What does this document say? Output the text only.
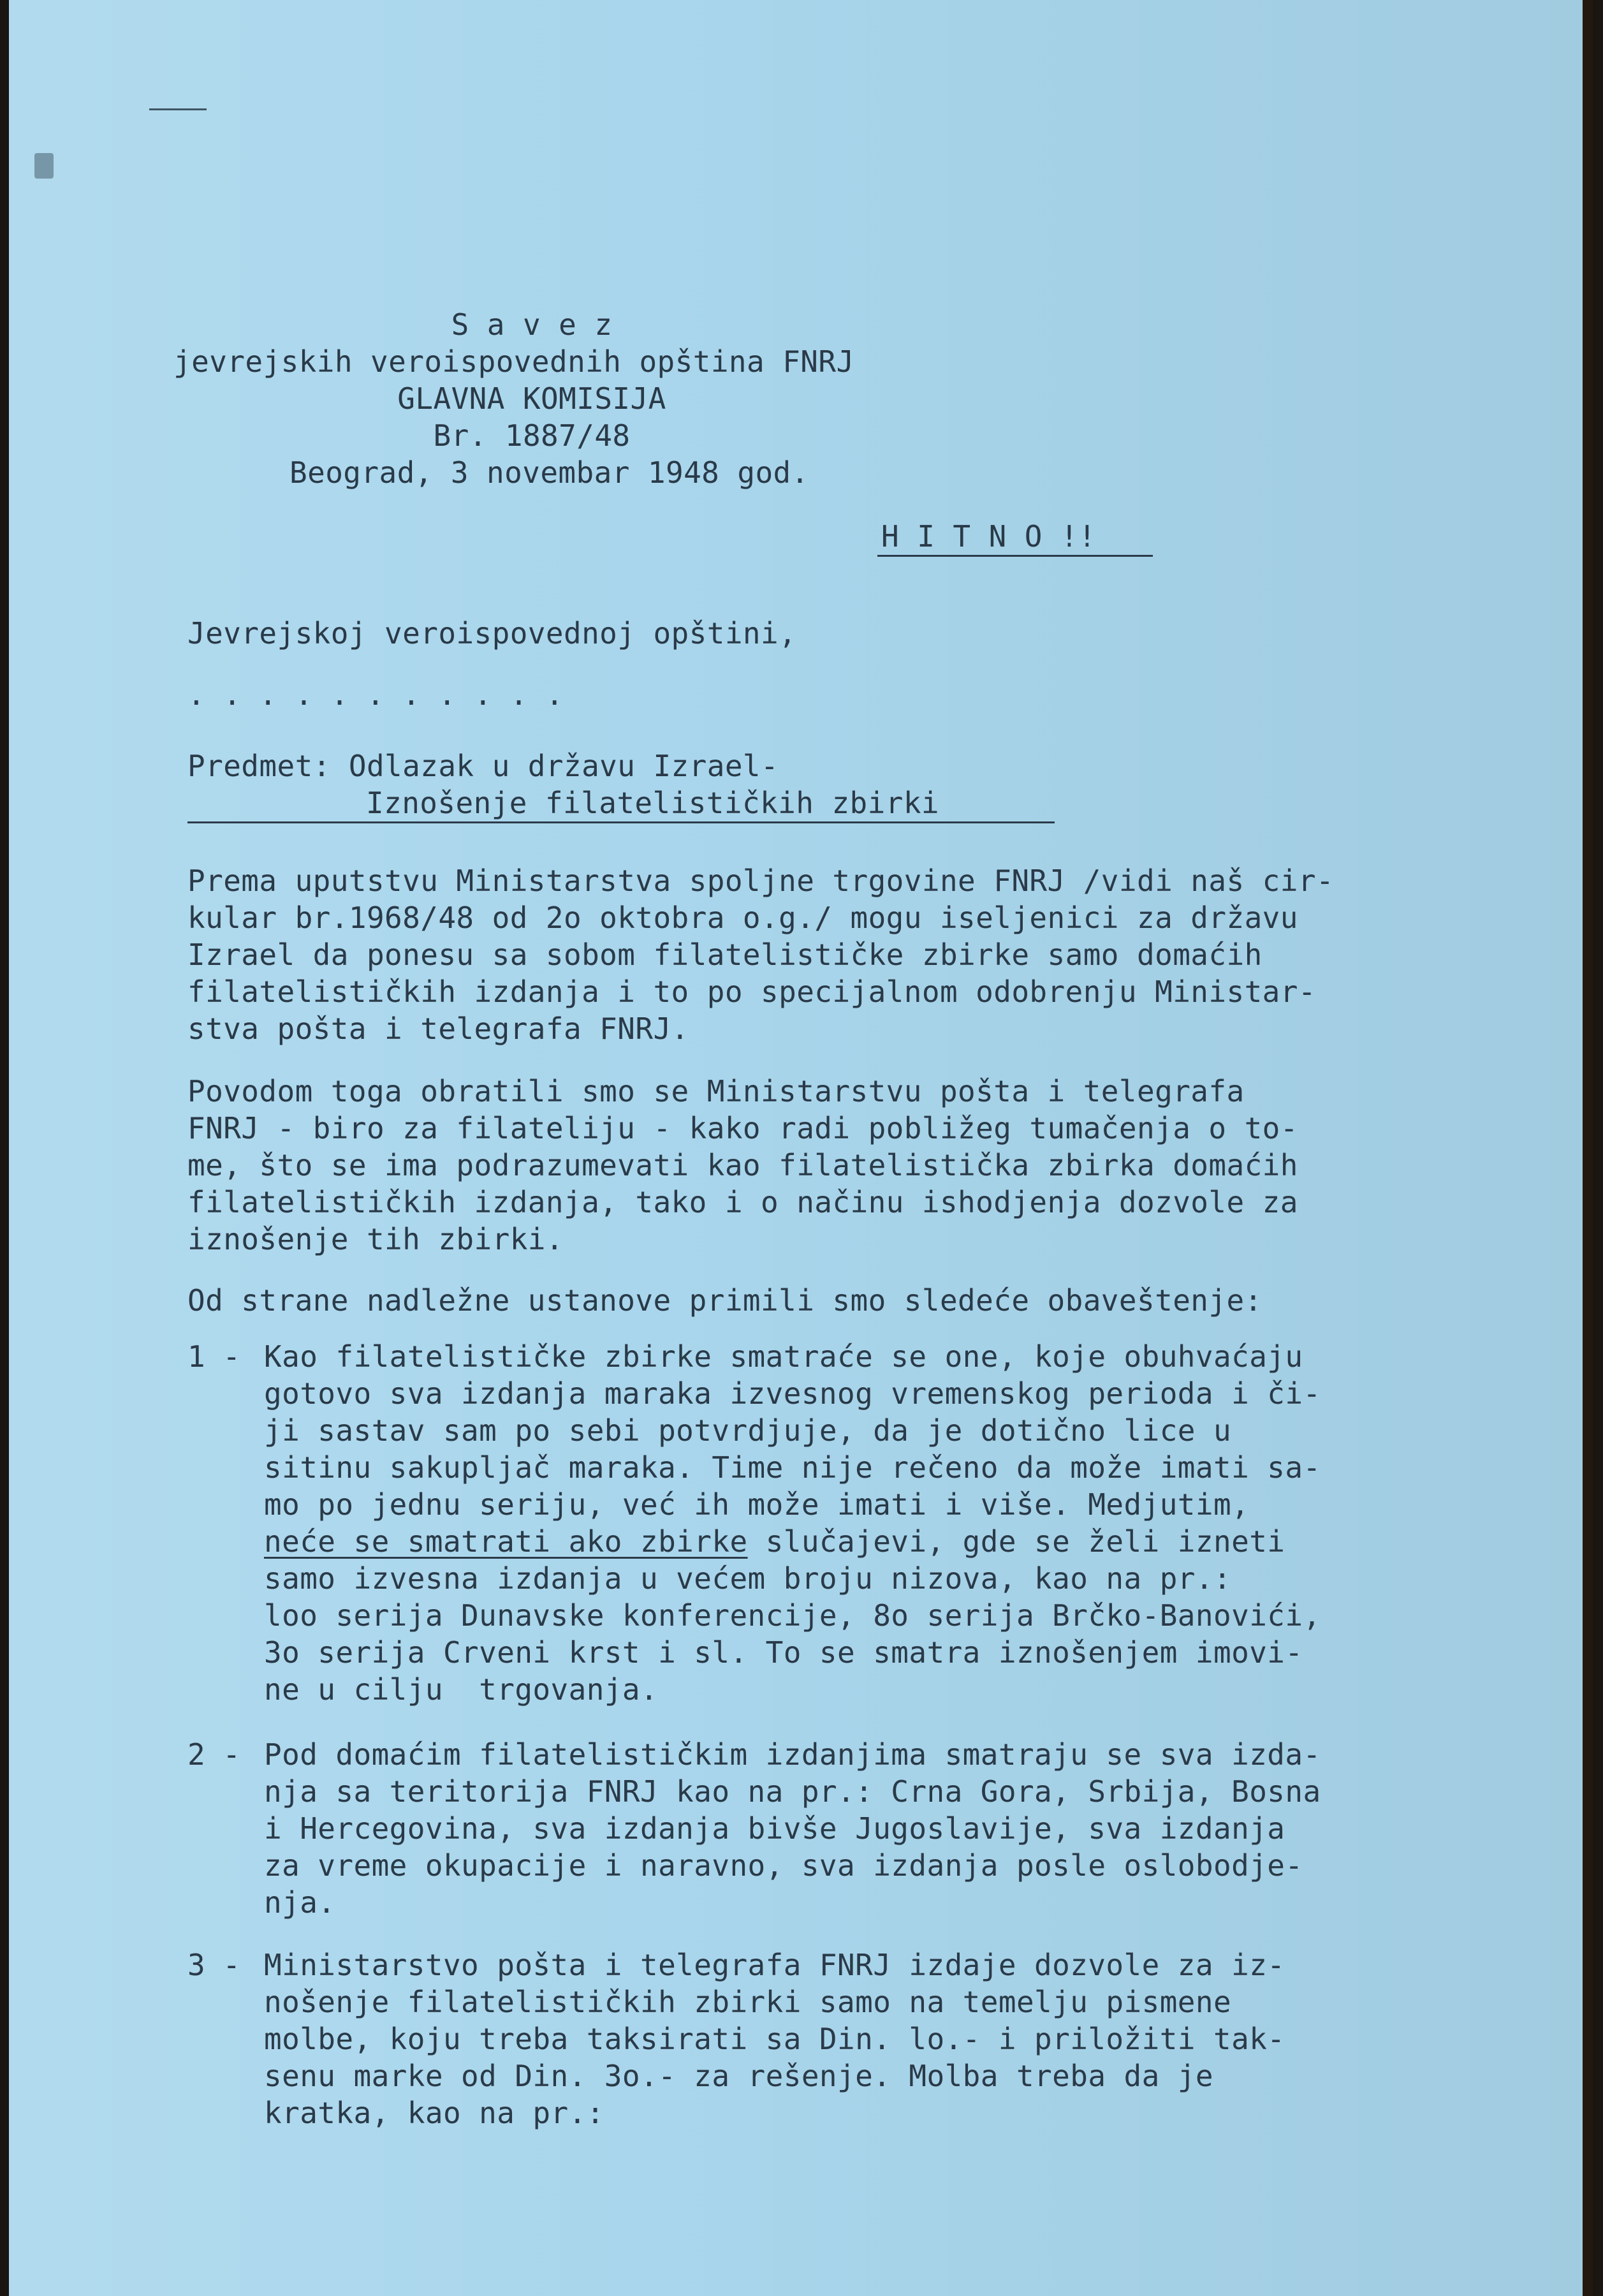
S a v e z
jevrejskih veroispovednih opština FNRJ
GLAVNA KOMISIJA
Br. 1887/48
Beograd, 3 novembar 1948 god.
H I T N O !!
Jevrejskoj veroispovednoj opštini,
. . . . . . . . . . .
Predmet: Odlazak u državu Izrael-
Iznošenje filatelističkih zbirki
Prema uputstvu Ministarstva spoljne trgovine FNRJ /vidi naš cir-
kular br.1968/48 od 2o oktobra o.g./ mogu iseljenici za državu
Izrael da ponesu sa sobom filatelističke zbirke samo domaćih
filatelističkih izdanja i to po specijalnom odobrenju Ministar-
stva pošta i telegrafa FNRJ.
Povodom toga obratili smo se Ministarstvu pošta i telegrafa
FNRJ - biro za filateliju - kako radi pobližeg tumačenja o to-
me, što se ima podrazumevati kao filatelistička zbirka domaćih
filatelističkih izdanja, tako i o načinu ishodjenja dozvole za
iznošenje tih zbirki.
Od strane nadležne ustanove primili smo sledeće obaveštenje:
1 - Kao filatelističke zbirke smatraće se one, koje obuhvaćaju
gotovo sva izdanja maraka izvesnog vremenskog perioda i či-
ji sastav sam po sebi potvrdjuje, da je dotično lice u
sitinu sakupljač maraka. Time nije rečeno da može imati sa-
mo po jednu seriju, već ih može imati i više. Medjutim,
neće se smatrati ako zbirke slučajevi, gde se želi izneti
samo izvesna izdanja u većem broju nizova, kao na pr.:
loo serija Dunavske konferencije, 8o serija Brčko-Banovići,
3o serija Crveni krst i sl. To se smatra iznošenjem imovi-
ne u cilju  trgovanja.
2 - Pod domaćim filatelističkim izdanjima smatraju se sva izda-
nja sa teritorija FNRJ kao na pr.: Crna Gora, Srbija, Bosna
i Hercegovina, sva izdanja bivše Jugoslavije, sva izdanja
za vreme okupacije i naravno, sva izdanja posle oslobodje-
nja.
3 - Ministarstvo pošta i telegrafa FNRJ izdaje dozvole za iz-
nošenje filatelističkih zbirki samo na temelju pismene
molbe, koju treba taksirati sa Din. lo.- i priložiti tak-
senu marke od Din. 3o.- za rešenje. Molba treba da je
kratka, kao na pr.:
